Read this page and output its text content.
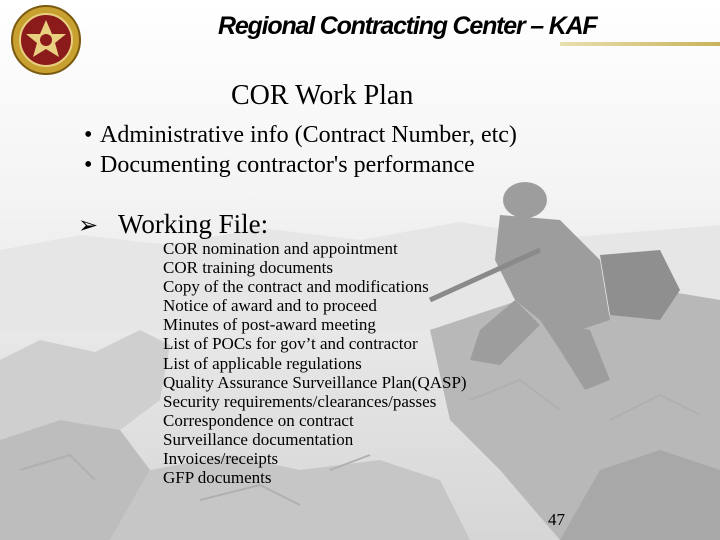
Regional Contracting Center – KAF
COR Work Plan
• Administrative info (Contract Number, etc)
• Documenting contractor's performance
➢ Working File:
COR nomination and appointment
COR training documents
Copy of the contract and modifications
Notice of award and to proceed
Minutes of post-award meeting
List of POCs for gov’t and contractor
List of applicable regulations
Quality Assurance Surveillance Plan(QASP)
Security requirements/clearances/passes
Correspondence on contract
Surveillance documentation
Invoices/receipts
GFP documents
47
